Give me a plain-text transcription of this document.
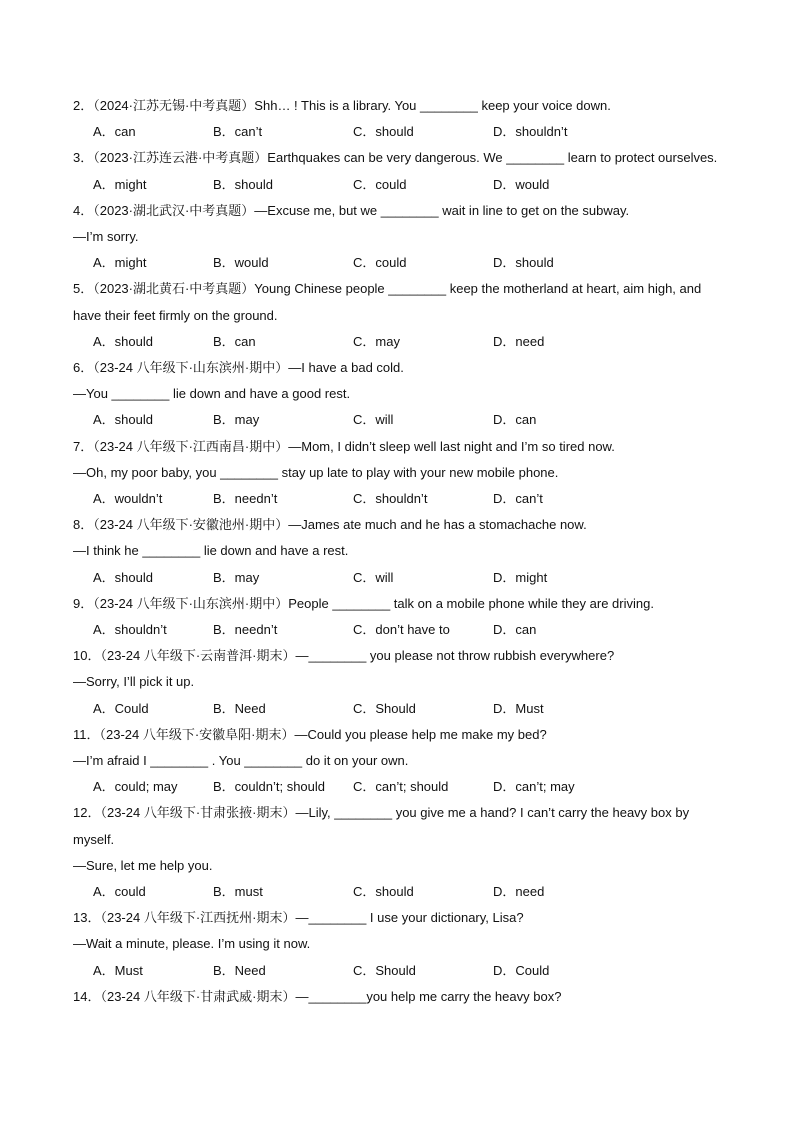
2．（2024·江苏无锡·中考真题）Shh… ! This is a library. You ________ keep your voice down.
A．can	B．can’t	C．should	D．shouldn’t
3．（2023·江苏连云港·中考真题）Earthquakes can be very dangerous. We ________ learn to protect ourselves.
A．might	B．should	C．could	D．would
4．（2023·湖北武汉·中考真题）—Excuse me, but we ________ wait in line to get on the subway.
—I’m sorry.
A．might	B．would	C．could	D．should
5．（2023·湖北黄石·中考真题）Young Chinese people ________ keep the motherland at heart, aim high, and
have their feet firmly on the ground.
A．should	B．can	C．may	D．need
6．（23-24 八年级下·山东滨州·期中）—I have a bad cold.
—You ________ lie down and have a good rest.
A．should	B．may	C．will	D．can
7．（23-24 八年级下·江西南昌·期中）—Mom, I didn’t sleep well last night and I’m so tired now.
—Oh, my poor baby, you ________ stay up late to play with your new mobile phone.
A．wouldn’t	B．needn’t	C．shouldn’t	D．can’t
8．（23-24 八年级下·安徽池州·期中）—James ate much and he has a stomachache now.
—I think he ________ lie down and have a rest.
A．should	B．may	C．will	D．might
9．（23-24 八年级下·山东滨州·期中）People ________ talk on a mobile phone while they are driving.
A．shouldn’t	B．needn’t	C．don’t have to	D．can
10．（23-24 八年级下·云南普洱·期末）—________ you please not throw rubbish everywhere?
—Sorry, I’ll pick it up.
A．Could	B．Need	C．Should	D．Must
11．（23-24 八年级下·安徽阜阳·期末）—Could you please help me make my bed?
—I’m afraid I ________ . You ________ do it on your own.
A．could; may	B．couldn’t; should C．can’t; should	D．can’t; may
12．（23-24 八年级下·甘肃张掖·期末）—Lily, ________ you give me a hand? I can’t carry the heavy box by
myself.
—Sure, let me help you.
A．could	B．must	C．should	D．need
13．（23-24 八年级下·江西抚州·期末）—________ I use your dictionary, Lisa?
—Wait a minute, please. I’m using it now.
A．Must	B．Need	C．Should	D．Could
14．（23-24 八年级下·甘肃武威·期末）—________you help me carry the heavy box?
